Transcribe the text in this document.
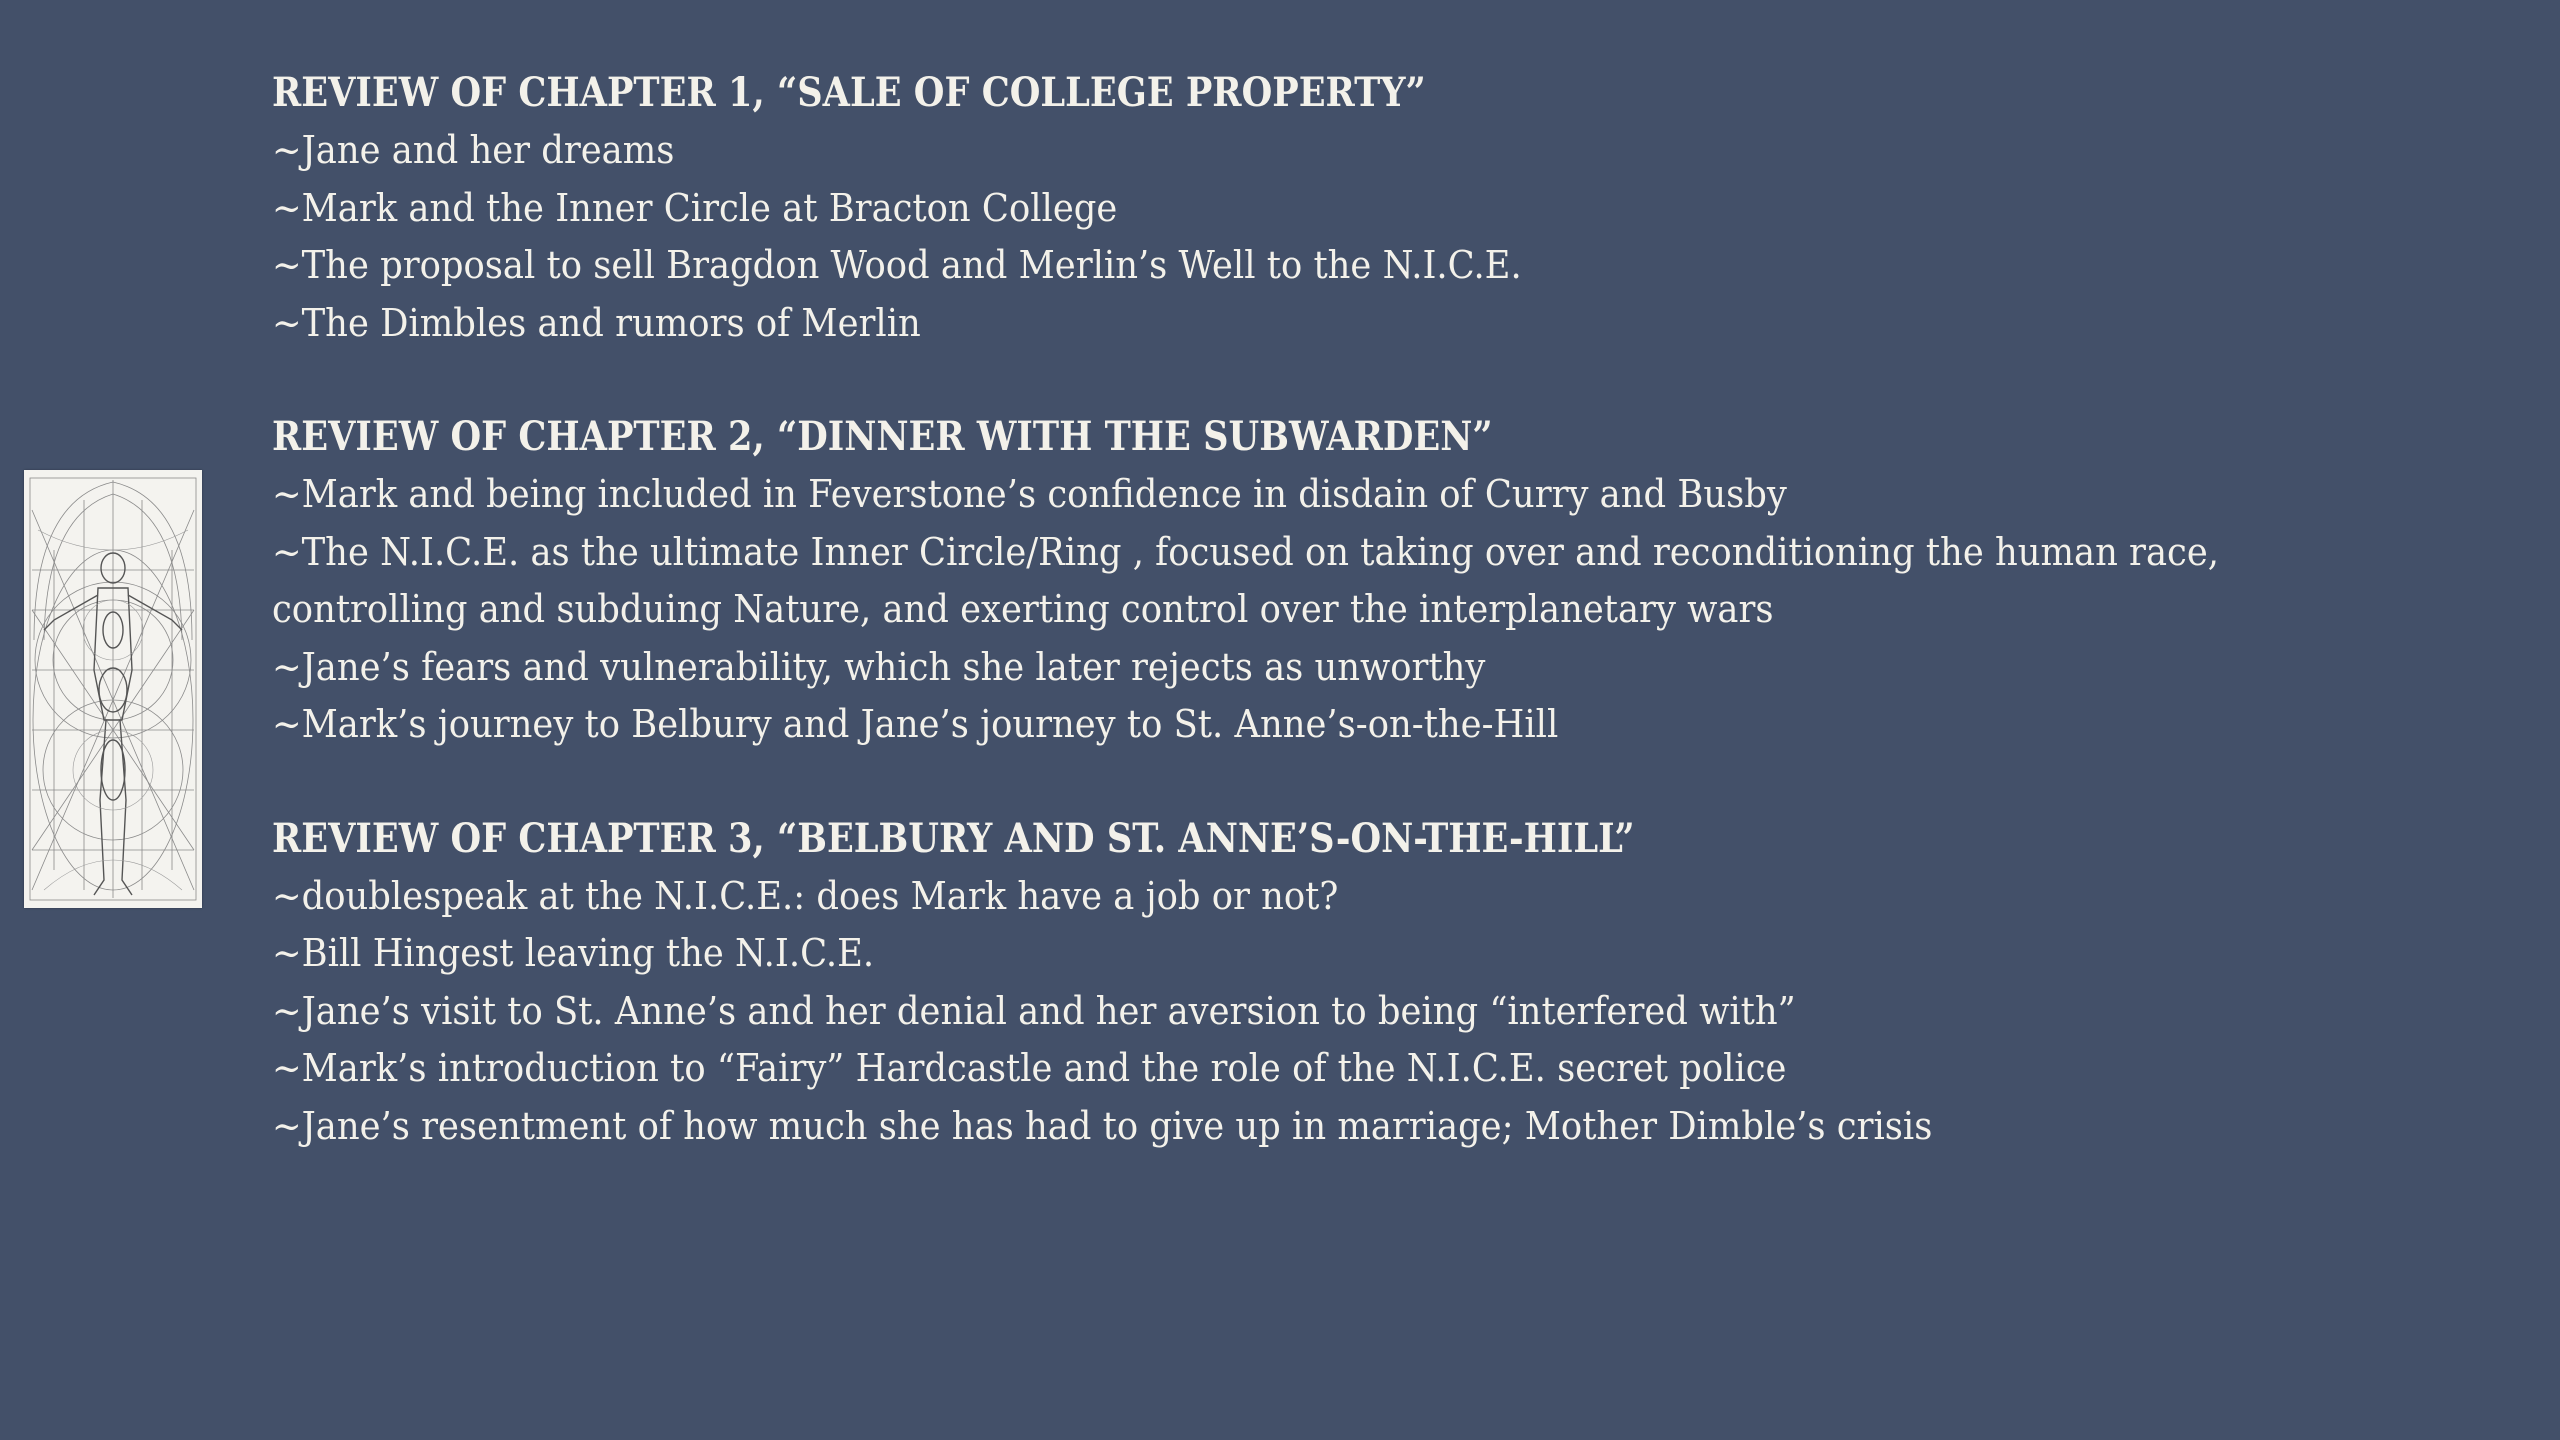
REVIEW OF CHAPTER 1, “SALE OF COLLEGE PROPERTY”
~Jane and her dreams
~Mark and the Inner Circle at Bracton College
~The proposal to sell Bragdon Wood and Merlin’s Well to the N.I.C.E.
~The Dimbles and rumors of Merlin
REVIEW OF CHAPTER 2, “DINNER WITH THE SUBWARDEN”
~Mark and being included in Feverstone’s confidence in disdain of Curry and Busby
~The N.I.C.E. as the ultimate Inner Circle/Ring , focused on taking over and reconditioning the human race, controlling and subduing Nature, and exerting control over the interplanetary wars
~Jane’s fears and vulnerability, which she later rejects as unworthy
~Mark’s journey to Belbury and Jane’s journey to St. Anne’s-on-the-Hill
REVIEW OF CHAPTER 3, “BELBURY AND ST. ANNE’S-ON-THE-HILL”
~doublespeak at the N.I.C.E.: does Mark have a job or not?
~Bill Hingest leaving the N.I.C.E.
~Jane’s visit to St. Anne’s and her denial and her aversion to being “interfered with”
~Mark’s introduction to “Fairy” Hardcastle and the role of the N.I.C.E. secret police
~Jane’s resentment of how much she has had to give up in marriage; Mother Dimble’s crisis
